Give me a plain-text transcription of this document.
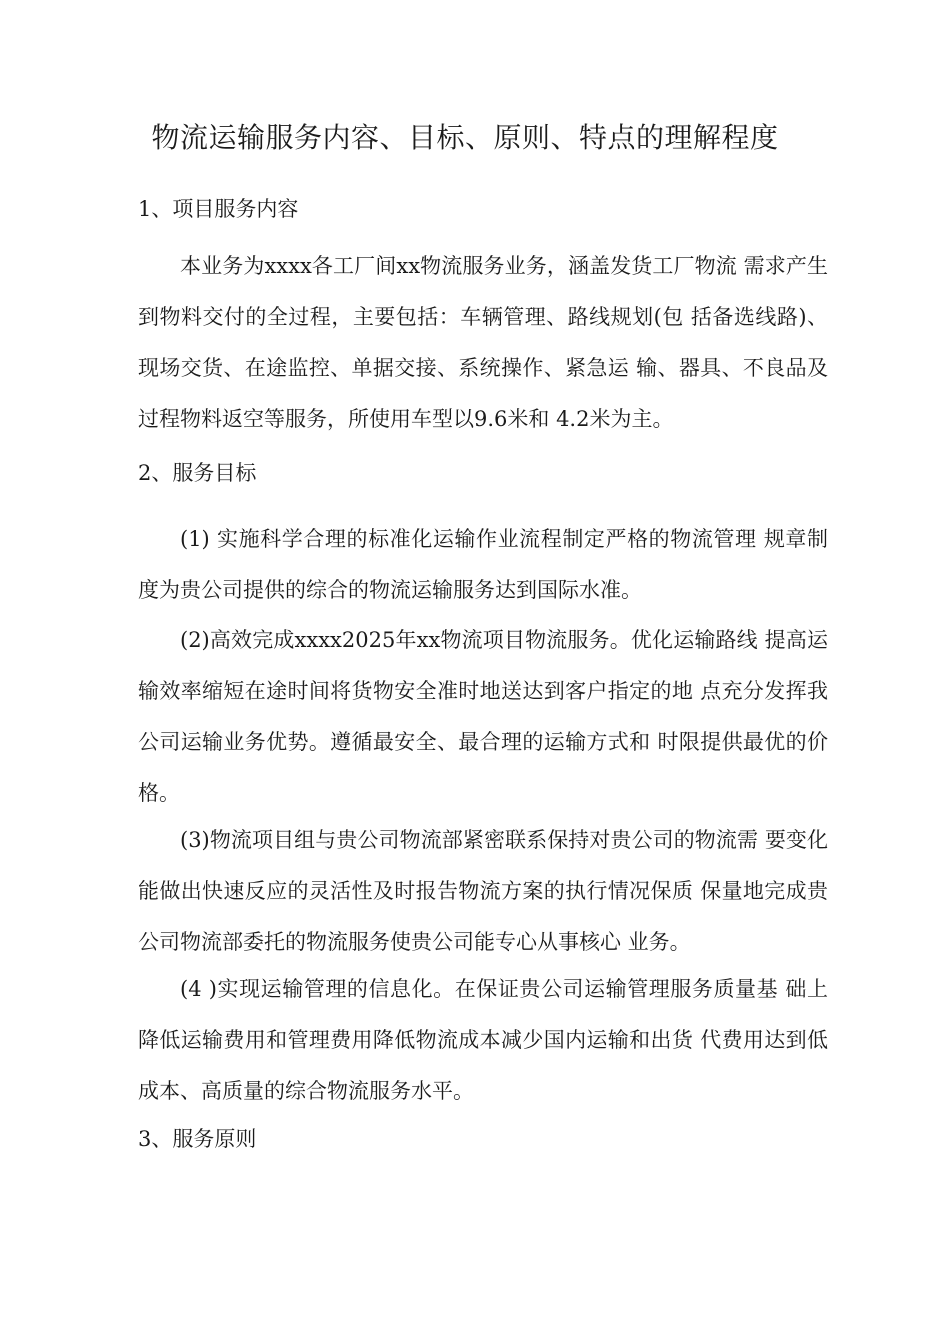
物流运输服务内容、目标、原则、特点的理解程度
1、项目服务内容

本业务为xxxx各工厂间xx物流服务业务，涵盖发货工厂物流 需求产生到物料交付的全过程，主要包括：车辆管理、路线规划(包 括备选线路)、现场交货、在途监控、单据交接、系统操作、紧急运 输、器具、不良品及过程物料返空等服务，所使用车型以9.6米和 4.2米为主。

2、服务目标

(1) 实施科学合理的标准化运输作业流程制定严格的物流管理 规章制度为贵公司提供的综合的物流运输服务达到国际水准。

(2)高效完成xxxx2025年xx物流项目物流服务。优化运输路线 提高运输效率缩短在途时间将货物安全准时地送达到客户指定的地 点充分发挥我公司运输业务优势。遵循最安全、最合理的运输方式和 时限提供最优的价格。

(3)物流项目组与贵公司物流部紧密联系保持对贵公司的物流需 要变化能做出快速反应的灵活性及时报告物流方案的执行情况保质 保量地完成贵公司物流部委托的物流服务使贵公司能专心从事核心 业务。

(4 )实现运输管理的信息化。在保证贵公司运输管理服务质量基 础上降低运输费用和管理费用降低物流成本减少国内运输和出货 代费用达到低成本、高质量的综合物流服务水平。

3、服务原则
